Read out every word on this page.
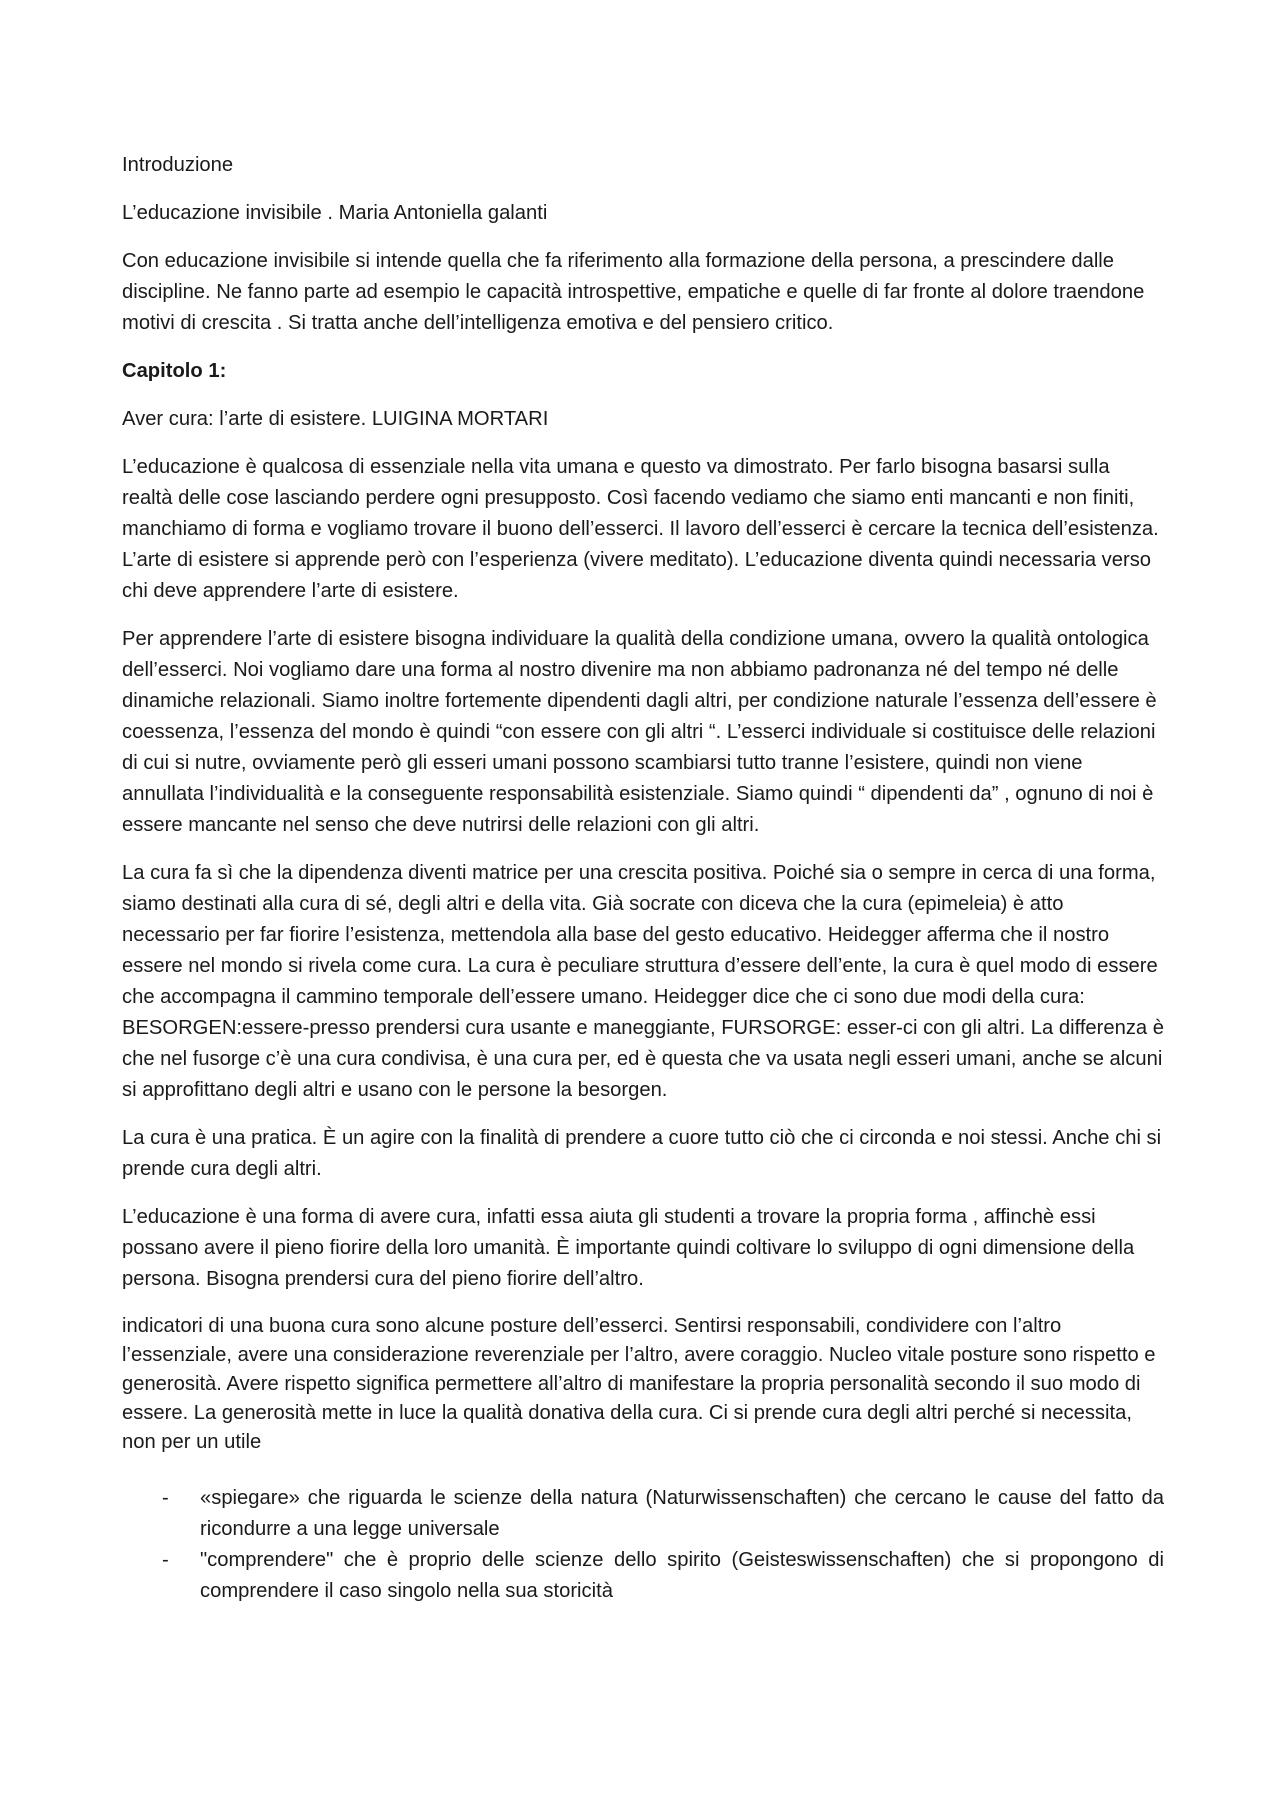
Introduzione

L’educazione invisibile . Maria Antoniella galanti

Con educazione invisibile si intende quella che fa riferimento alla formazione della persona, a prescindere dalle discipline. Ne fanno parte ad esempio le capacità introspettive, empatiche e quelle di far fronte al dolore traendone motivi di crescita . Si tratta anche dell’intelligenza emotiva e del pensiero critico.

Capitolo 1:

Aver cura: l’arte di esistere. LUIGINA MORTARI

L’educazione è qualcosa di essenziale nella vita umana e questo va dimostrato. Per farlo bisogna basarsi sulla realtà delle cose lasciando perdere ogni presupposto. Così facendo vediamo che siamo enti mancanti e non finiti, manchiamo di forma e vogliamo trovare il buono dell’esserci. Il lavoro dell’esserci è cercare la tecnica dell’esistenza. L’arte di esistere si apprende però con l’esperienza (vivere meditato). L’educazione diventa quindi necessaria verso chi deve apprendere l’arte di esistere.

Per apprendere l’arte di esistere bisogna individuare la qualità della condizione umana, ovvero la qualità ontologica dell’esserci. Noi vogliamo dare una forma al nostro divenire ma non abbiamo padronanza né del tempo né delle dinamiche relazionali. Siamo inoltre fortemente dipendenti dagli altri, per condizione naturale l’essenza dell’essere è coessenza, l’essenza del mondo è quindi “con essere con gli altri “. L’esserci individuale si costituisce delle relazioni di cui si nutre, ovviamente però gli esseri umani possono scambiarsi tutto tranne l’esistere, quindi non viene annullata l’individualità e la conseguente responsabilità esistenziale. Siamo quindi “ dipendenti da” , ognuno di noi è essere mancante nel senso che deve nutrirsi delle relazioni con gli altri.

La cura fa sì che la dipendenza diventi matrice per una crescita positiva. Poiché sia o sempre in cerca di una forma, siamo destinati alla cura di sé, degli altri e della vita. Già socrate con diceva che la cura (epimeleia) è atto necessario per far fiorire l’esistenza, mettendola alla base del gesto educativo. Heidegger afferma che il nostro essere nel mondo si rivela come cura. La cura è peculiare struttura d’essere dell’ente, la cura è quel modo di essere che accompagna il cammino temporale dell’essere umano. Heidegger dice che ci sono due modi della cura: BESORGEN:essere-presso prendersi cura usante e maneggiante, FURSORGE: esser-ci con gli altri. La differenza è che nel fusorge c’è una cura condivisa, è una cura per, ed è questa che va usata negli esseri umani, anche se alcuni si approfittano degli altri e usano con le persone la besorgen.

La cura è una pratica. È un agire con la finalità di prendere a cuore tutto ciò che ci circonda e noi stessi. Anche chi si prende cura degli altri.

L’educazione è una forma di avere cura, infatti essa aiuta gli studenti a trovare la propria forma , affinchè essi possano avere il pieno fiorire della loro umanità. È importante quindi coltivare lo sviluppo di ogni dimensione della persona. Bisogna prendersi cura del pieno fiorire dell’altro.

indicatori di una buona cura sono alcune posture dell’esserci. Sentirsi responsabili, condividere con l’altro l’essenziale, avere una considerazione reverenziale per l’altro, avere coraggio. Nucleo vitale posture sono rispetto e generosità. Avere rispetto significa permettere all’altro di manifestare la propria personalità secondo il suo modo di essere. La generosità mette in luce la qualità donativa della cura. Ci si prende cura degli altri perché si necessita, non per un utile

- «spiegare» che riguarda le scienze della natura (Naturwissenschaften) che cercano le cause del fatto da ricondurre a una legge universale
- "comprendere" che è proprio delle scienze dello spirito (Geisteswissenschaften) che si propongono di comprendere il caso singolo nella sua storicità
